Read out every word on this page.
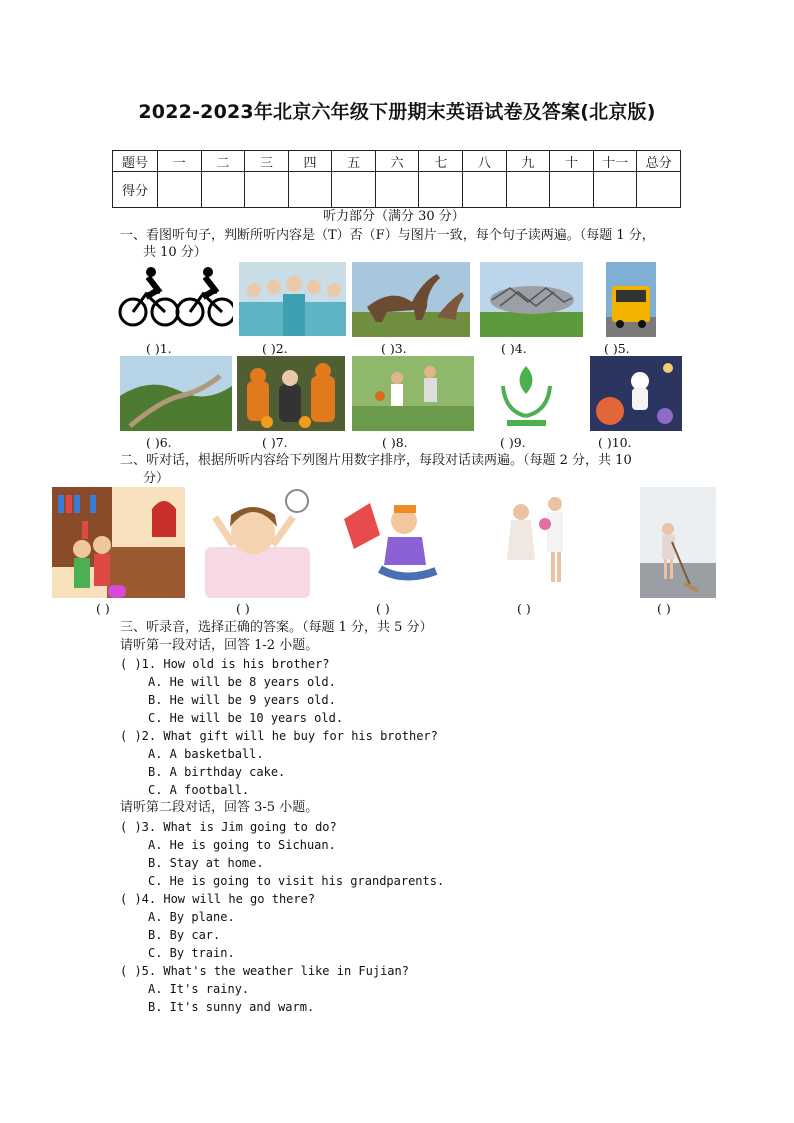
2022-2023年北京六年级下册期末英语试卷及答案(北京版)
题号	一	二	三	四	五	六	七	八	九	十	十一	总分
得分												
听力部分（满分 30 分）
一、看图听句子，判断所听内容是（T）否（F）与图片一致，每个句子读两遍。（每题 1 分，
共 10 分）
( )1.	( )2.	( )3.	( )4.	( )5.
( )6.	( )7.	( )8.	( )9.	( )10.
二、听对话，根据所听内容给下列图片用数字排序，每段对话读两遍。（每题 2 分，共 10
分）
( )	( )	( )	( )	( )
三、听录音，选择正确的答案。（每题 1 分，共 5 分）
请听第一段对话，回答 1-2 小题。
( )1. How old is his brother?
A. He will be 8 years old.
B. He will be 9 years old.
C. He will be 10 years old.
( )2. What gift will he buy for his brother?
A. A basketball.
B. A birthday cake.
C. A football.
请听第二段对话，回答 3-5 小题。
( )3. What is Jim going to do?
A. He is going to Sichuan.
B. Stay at home.
C. He is going to visit his grandparents.
( )4. How will he go there?
A. By plane.
B. By car.
C. By train.
( )5. What's the weather like in Fujian?
A. It's rainy.
B. It's sunny and warm.
